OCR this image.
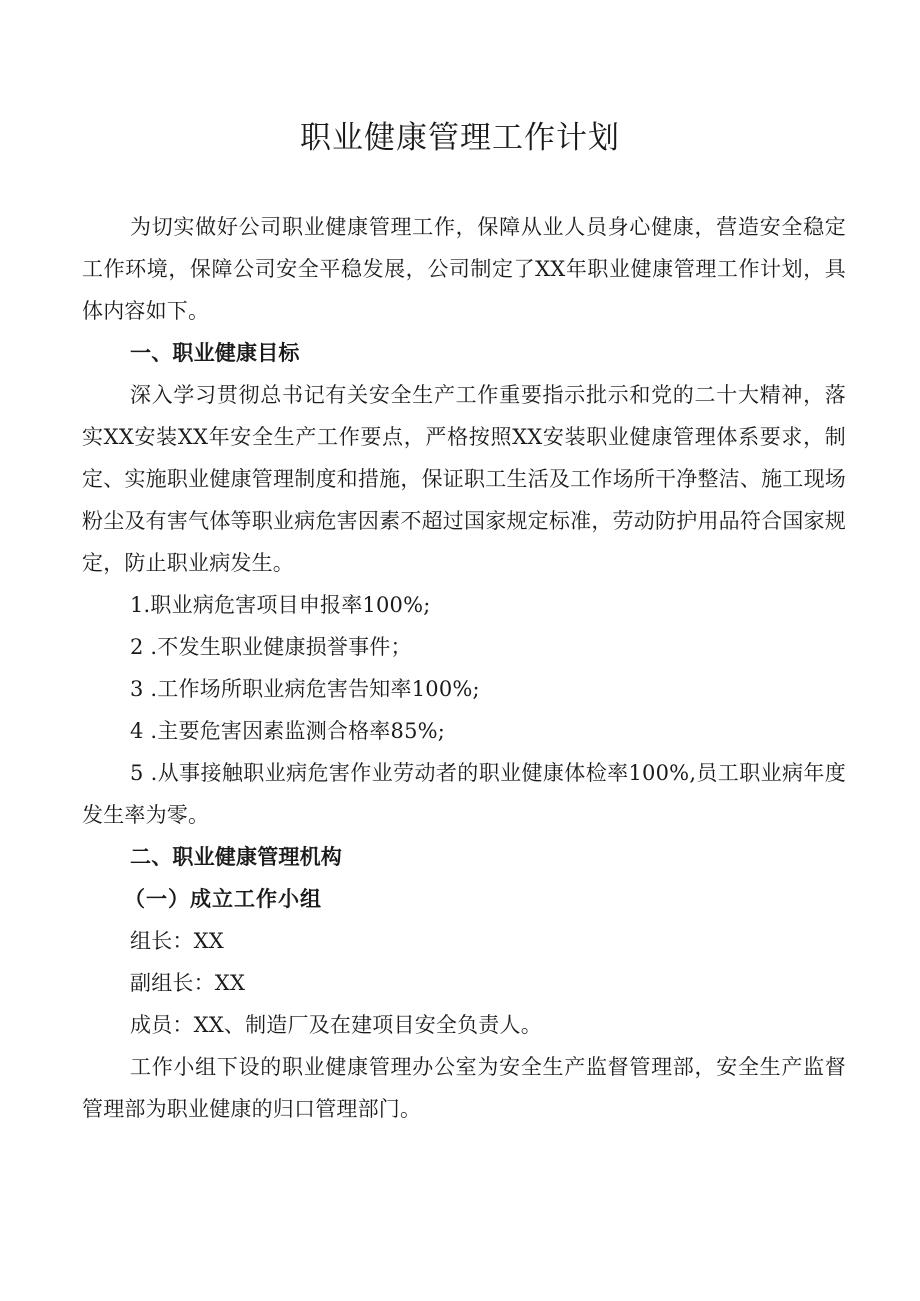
职业健康管理工作计划

为切实做好公司职业健康管理工作，保障从业人员身心健康，营造安全稳定工作环境，保障公司安全平稳发展，公司制定了XX年职业健康管理工作计划，具体内容如下。

一、职业健康目标

深入学习贯彻总书记有关安全生产工作重要指示批示和党的二十大精神，落实XX安装XX年安全生产工作要点，严格按照XX安装职业健康管理体系要求，制定、实施职业健康管理制度和措施，保证职工生活及工作场所干净整洁、施工现场粉尘及有害气体等职业病危害因素不超过国家规定标准，劳动防护用品符合国家规定，防止职业病发生。

1.职业病危害项目申报率100%;

2 .不发生职业健康损誉事件；

3 .工作场所职业病危害告知率100%;

4 .主要危害因素监测合格率85%;

5 .从事接触职业病危害作业劳动者的职业健康体检率100%,员工职业病年度发生率为零。

二、职业健康管理机构

（一）成立工作小组

组长：XX

副组长：XX

成员：XX、制造厂及在建项目安全负责人。

工作小组下设的职业健康管理办公室为安全生产监督管理部，安全生产监督管理部为职业健康的归口管理部门。
